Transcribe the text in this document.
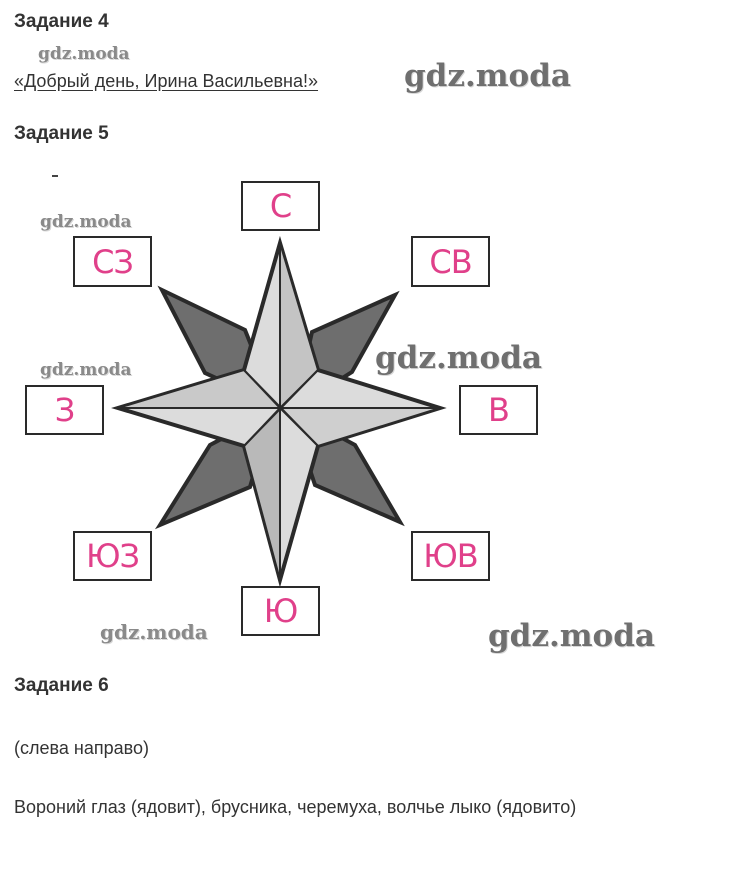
Задание 4
gdz.moda
«Добрый день, Ирина Васильевна!»	gdz.moda
Задание 5
С
СВ
В
ЮВ
Ю
ЮЗ
З
СЗ
gdz.moda
gdz.moda	gdz.moda
gdz.moda	gdz.moda
Задание 6
(слева направо)
Вороний глаз (ядовит), брусника, черемуха, волчье лыко (ядовито)
